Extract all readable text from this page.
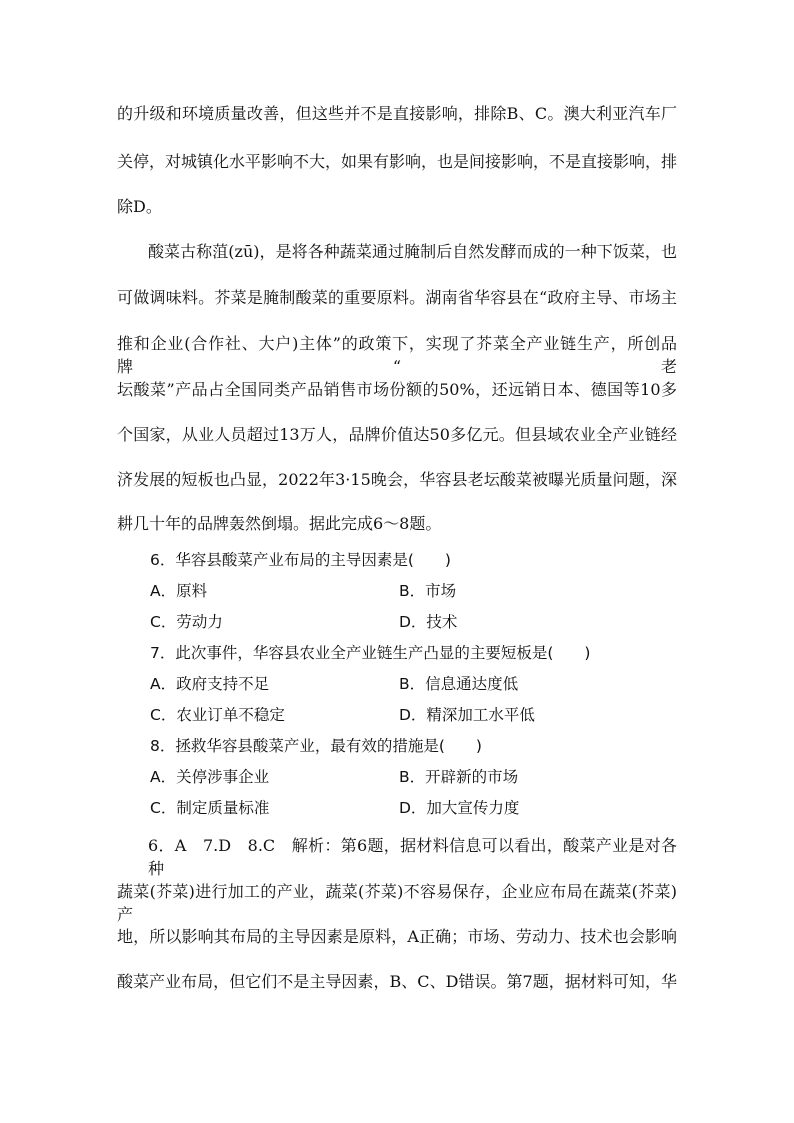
的升级和环境质量改善，但这些并不是直接影响，排除B、C。澳大利亚汽车厂
关停，对城镇化水平影响不大，如果有影响，也是间接影响，不是直接影响，排
除D。
酸菜古称菹(zū)，是将各种蔬菜通过腌制后自然发酵而成的一种下饭菜，也
可做调味料。芥菜是腌制酸菜的重要原料。湖南省华容县在“政府主导、市场主
推和企业(合作社、大户)主体”的政策下，实现了芥菜全产业链生产，所创品牌“老
坛酸菜”产品占全国同类产品销售市场份额的50%，还远销日本、德国等10多
个国家，从业人员超过13万人，品牌价值达50多亿元。但县域农业全产业链经
济发展的短板也凸显，2022年3·15晚会，华容县老坛酸菜被曝光质量问题，深
耕几十年的品牌轰然倒塌。据此完成6～8题。
6．华容县酸菜产业布局的主导因素是(　　)
A．原料	B．市场
C．劳动力	D．技术
7．此次事件，华容县农业全产业链生产凸显的主要短板是(　　)
A．政府支持不足	B．信息通达度低
C．农业订单不稳定	D．精深加工水平低
8．拯救华容县酸菜产业，最有效的措施是(　　)
A．关停涉事企业	B．开辟新的市场
C．制定质量标准	D．加大宣传力度
6．A　7.D　8.C　解析：第6题，据材料信息可以看出，酸菜产业是对各种
蔬菜(芥菜)进行加工的产业，蔬菜(芥菜)不容易保存，企业应布局在蔬菜(芥菜)产
地，所以影响其布局的主导因素是原料，A正确；市场、劳动力、技术也会影响
酸菜产业布局，但它们不是主导因素，B、C、D错误。第7题，据材料可知，华
